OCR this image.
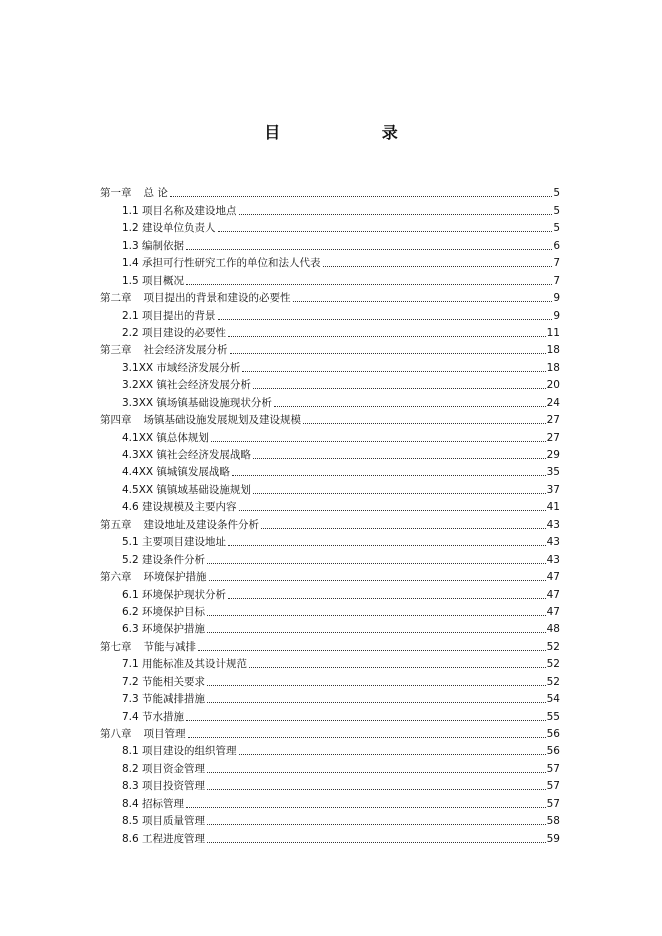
目 录
第一章 总 论	5
1.1 项目名称及建设地点	5
1.2 建设单位负责人	5
1.3 编制依据	6
1.4 承担可行性研究工作的单位和法人代表	7
1.5 项目概况	7
第二章 项目提出的背景和建设的必要性	9
2.1 项目提出的背景	9
2.2 项目建设的必要性	11
第三章 社会经济发展分析	18
3.1XX 市域经济发展分析	18
3.2XX 镇社会经济发展分析	20
3.3XX 镇场镇基础设施现状分析	24
第四章 场镇基础设施发展规划及建设规模	27
4.1XX 镇总体规划	27
4.3XX 镇社会经济发展战略	29
4.4XX 镇城镇发展战略	35
4.5XX 镇镇域基础设施规划	37
4.6 建设规模及主要内容	41
第五章 建设地址及建设条件分析	43
5.1 主要项目建设地址	43
5.2 建设条件分析	43
第六章 环境保护措施	47
6.1 环境保护现状分析	47
6.2 环境保护目标	47
6.3 环境保护措施	48
第七章 节能与减排	52
7.1 用能标准及其设计规范	52
7.2 节能相关要求	52
7.3 节能减排措施	54
7.4 节水措施	55
第八章 项目管理	56
8.1 项目建设的组织管理	56
8.2 项目资金管理	57
8.3 项目投资管理	57
8.4 招标管理	57
8.5 项目质量管理	58
8.6 工程进度管理	59
